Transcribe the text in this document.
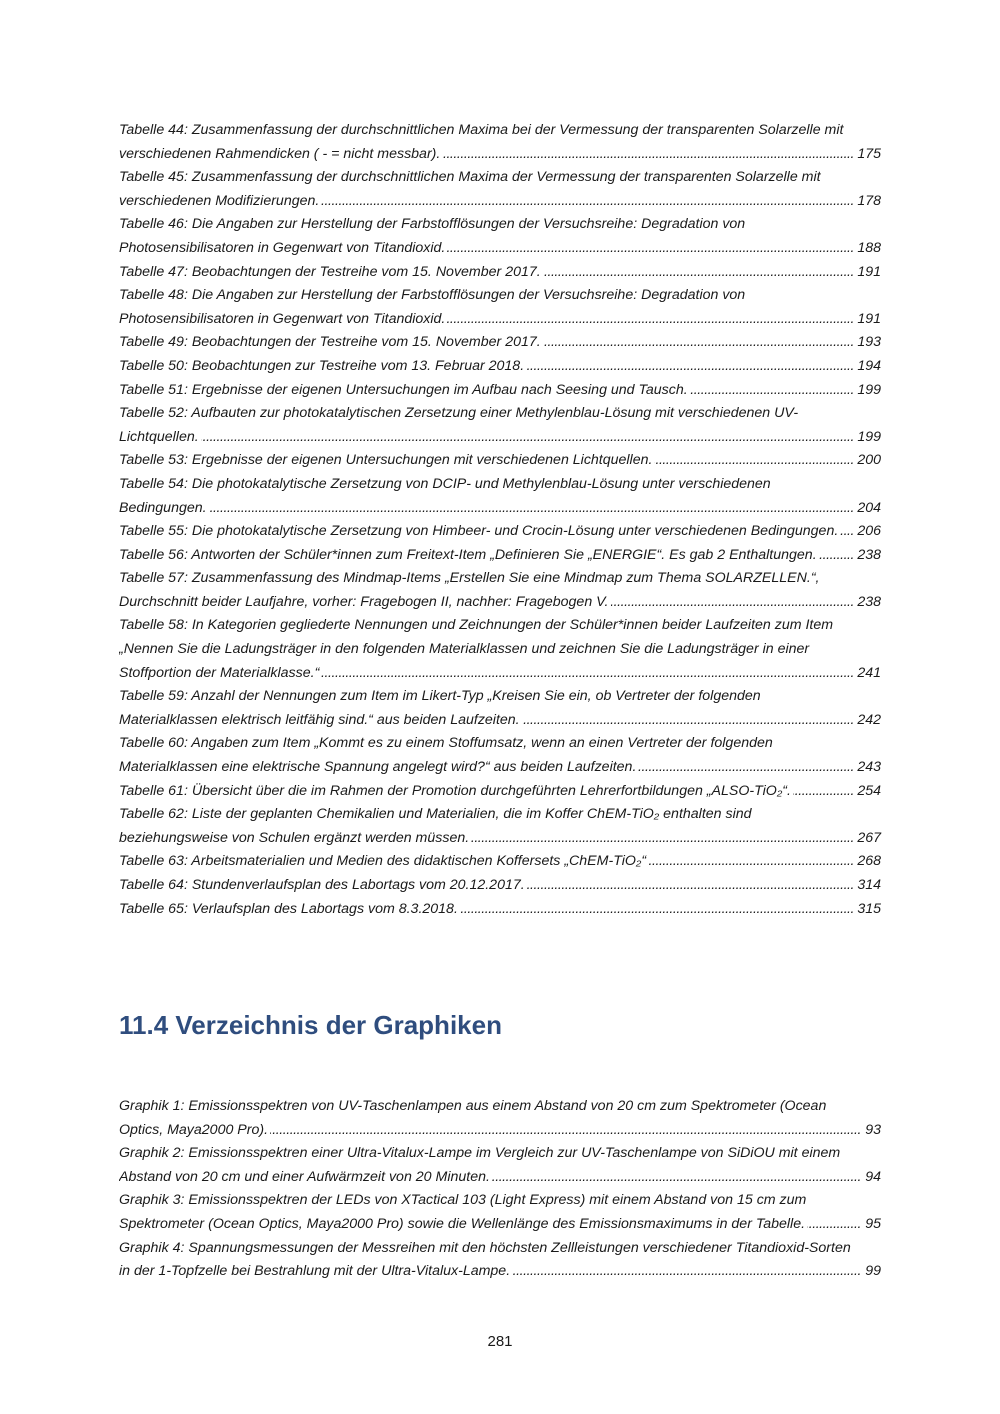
Tabelle 44: Zusammenfassung der durchschnittlichen Maxima bei der Vermessung der transparenten Solarzelle mit verschiedenen Rahmendicken ( - = nicht messbar). . . .	175
Tabelle 45: Zusammenfassung der durchschnittlichen Maxima der Vermessung der transparenten Solarzelle mit verschiedenen Modifizierungen. . . .	178
Tabelle 46: Die Angaben zur Herstellung der Farbstofflösungen der Versuchsreihe: Degradation von Photosensibilisatoren in Gegenwart von Titandioxid. . . .	188
Tabelle 47: Beobachtungen der Testreihe vom 15. November 2017. . . .	191
Tabelle 48: Die Angaben zur Herstellung der Farbstofflösungen der Versuchsreihe: Degradation von Photosensibilisatoren in Gegenwart von Titandioxid. . . .	191
Tabelle 49: Beobachtungen der Testreihe vom 15. November 2017. . . .	193
Tabelle 50: Beobachtungen zur Testreihe vom 13. Februar 2018. . . .	194
Tabelle 51: Ergebnisse der eigenen Untersuchungen im Aufbau nach Seesing und Tausch. . . .	199
Tabelle 52: Aufbauten zur photokatalytischen Zersetzung einer Methylenblau-Lösung mit verschiedenen UV-Lichtquellen. . . .	199
Tabelle 53: Ergebnisse der eigenen Untersuchungen mit verschiedenen Lichtquellen. . . .	200
Tabelle 54: Die photokatalytische Zersetzung von DCIP- und Methylenblau-Lösung unter verschiedenen Bedingungen. . . .	204
Tabelle 55: Die photokatalytische Zersetzung von Himbeer- und Crocin-Lösung unter verschiedenen Bedingungen. . . .	206
Tabelle 56: Antworten der Schüler*innen zum Freitext-Item „Definieren Sie „ENERGIE“. Es gab 2 Enthaltungen. . . .	238
Tabelle 57: Zusammenfassung des Mindmap-Items „Erstellen Sie eine Mindmap zum Thema SOLARZELLEN.“, Durchschnitt beider Laufjahre, vorher: Fragebogen II, nachher: Fragebogen V. . . .	238
Tabelle 58: In Kategorien gegliederte Nennungen und Zeichnungen der Schüler*innen beider Laufzeiten zum Item „Nennen Sie die Ladungsträger in den folgenden Materialklassen und zeichnen Sie die Ladungsträger in einer Stoffportion der Materialklasse.“ . . .	241
Tabelle 59: Anzahl der Nennungen zum Item im Likert-Typ „Kreisen Sie ein, ob Vertreter der folgenden Materialklassen elektrisch leitfähig sind.“ aus beiden Laufzeiten. . . .	242
Tabelle 60: Angaben zum Item „Kommt es zu einem Stoffumsatz, wenn an einen Vertreter der folgenden Materialklassen eine elektrische Spannung angelegt wird?“ aus beiden Laufzeiten. . . .	243
Tabelle 61: Übersicht über die im Rahmen der Promotion durchgeführten Lehrerfortbildungen „ALSO-TiO₂“. . . .	254
Tabelle 62: Liste der geplanten Chemikalien und Materialien, die im Koffer ChEM-TiO₂ enthalten sind beziehungsweise von Schulen ergänzt werden müssen. . . .	267
Tabelle 63: Arbeitsmaterialien und Medien des didaktischen Koffersets „ChEM-TiO₂“ . . .	268
Tabelle 64: Stundenverlaufsplan des Labortags vom 20.12.2017. . . .	314
Tabelle 65: Verlaufsplan des Labortags vom 8.3.2018. . . .	315
11.4 Verzeichnis der Graphiken
Graphik 1: Emissionsspektren von UV-Taschenlampen aus einem Abstand von 20 cm zum Spektrometer (Ocean Optics, Maya2000 Pro). . . .	93
Graphik 2: Emissionsspektren einer Ultra-Vitalux-Lampe im Vergleich zur UV-Taschenlampe von SiDiOU mit einem Abstand von 20 cm und einer Aufwärmzeit von 20 Minuten. . . .	94
Graphik 3: Emissionsspektren der LEDs von XTactical 103 (Light Express) mit einem Abstand von 15 cm zum Spektrometer (Ocean Optics, Maya2000 Pro) sowie die Wellenlänge des Emissionsmaximums in der Tabelle. . . .	95
Graphik 4: Spannungsmessungen der Messreihen mit den höchsten Zellleistungen verschiedener Titandioxid-Sorten in der 1-Topfzelle bei Bestrahlung mit der Ultra-Vitalux-Lampe. . . .	99
281
